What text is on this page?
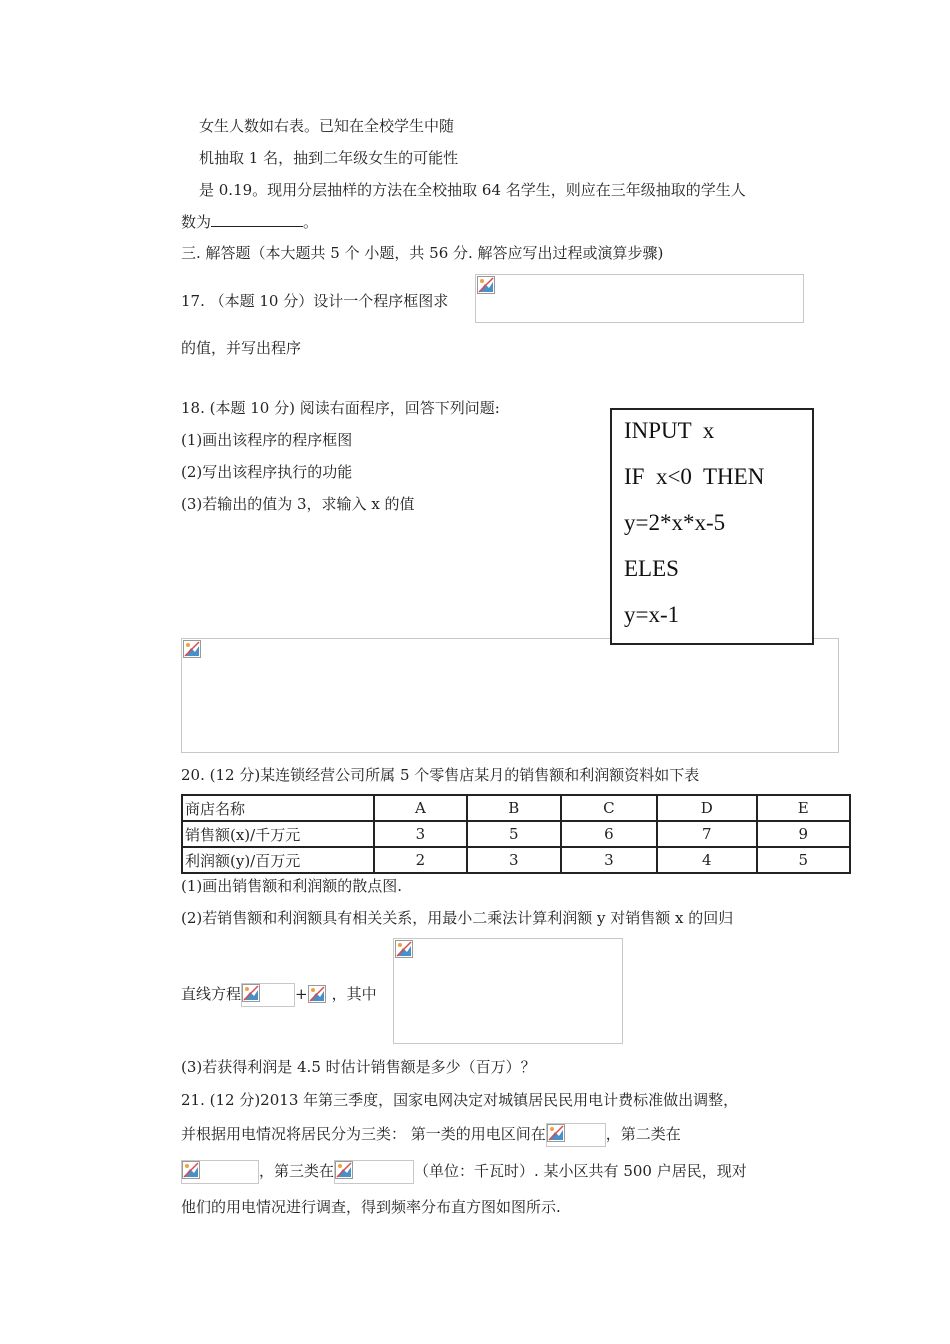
女生人数如右表。已知在全校学生中随
机抽取 1 名，抽到二年级女生的可能性
是 0.19。现用分层抽样的方法在全校抽取 64 名学生，则应在三年级抽取的学生人
数为	。
三. 解答题（本大题共 5 个 小题，共 56 分. 解答应写出过程或演算步骤)
17. （本题 10 分）设计一个程序框图求
的值，并写出程序
18. (本题 10 分) 阅读右面程序，回答下列问题:
(1)画出该程序的程序框图
(2)写出该程序执行的功能
(3)若输出的值为 3，求输入 x 的值
INPUT  x
IF  x<0  THEN
y=2*x*x-5
ELES
y=x-1
20. (12 分)某连锁经营公司所属 5 个零售店某月的销售额和利润额资料如下表
商店名称	A	B	C	D	E
销售额(x)/千万元	3	5	6	7	9
利润额(y)/百万元	2	3	3	4	5
(1)画出销售额和利润额的散点图.
(2)若销售额和利润额具有相关关系，用最小二乘法计算利润额 y 对销售额 x 的回归
直线方程	+ ，其中
(3)若获得利润是 4.5 时估计销售额是多少（百万）？
21. (12 分)2013 年第三季度，国家电网决定对城镇居民民用电计费标准做出调整，
并根据用电情况将居民分为三类： 第一类的用电区间在	，第二类在
，第三类在	（单位：千瓦时）. 某小区共有 500 户居民，现对
他们的用电情况进行调查，得到频率分布直方图如图所示.
